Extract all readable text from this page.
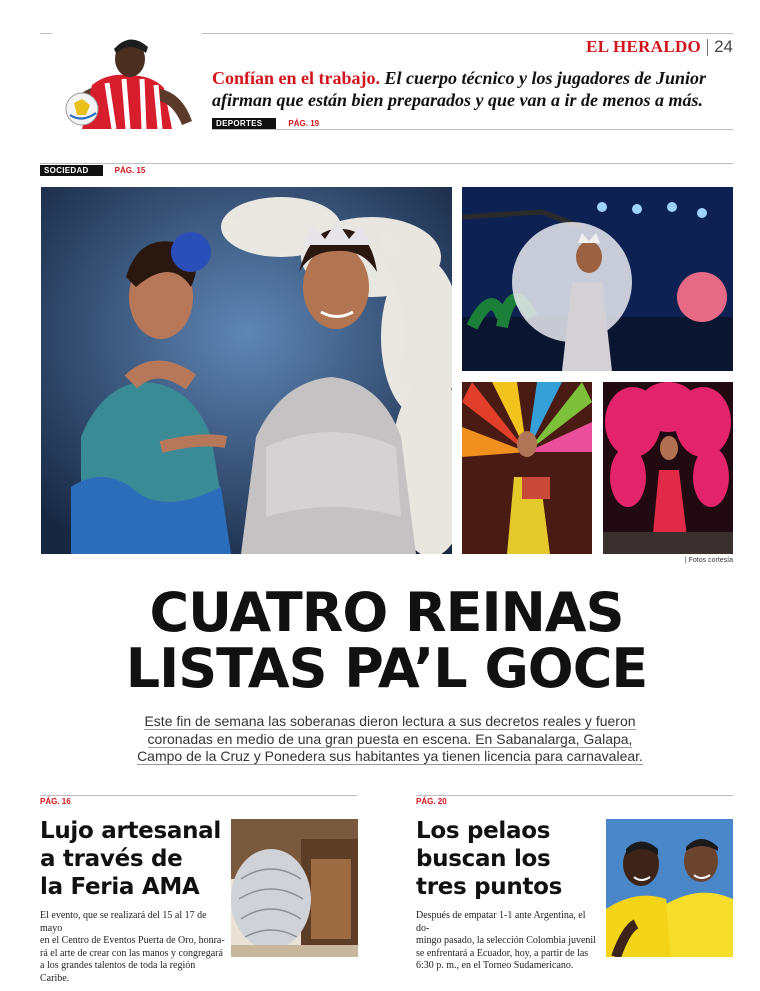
EL HERALDO 24
Confían en el trabajo. El cuerpo técnico y los jugadores de Junior afirman que están bien preparados y que van a ir de menos a más.
DEPORTES	PÁG. 19
SOCIEDAD	PÁG. 15
| Fotos cortesía
CUATRO REINAS
LISTAS PA’L GOCE
Este fin de semana las soberanas dieron lectura a sus decretos reales y fueron
coronadas en medio de una gran puesta en escena. En Sabanalarga, Galapa,
Campo de la Cruz y Ponedera sus habitantes ya tienen licencia para carnavalear.
PÁG. 16
Lujo artesanal
a través de
la Feria AMA
El evento, que se realizará del 15 al 17 de mayo
en el Centro de Eventos Puerta de Oro, honra-
rá el arte de crear con las manos y congregará
a los grandes talentos de toda la región Caribe.
PÁG. 20
Los pelaos
buscan los
tres puntos
Después de empatar 1-1 ante Argentina, el do-
mingo pasado, la selección Colombia juvenil
se enfrentará a Ecuador, hoy, a partir de las
6:30 p. m., en el Torneo Sudamericano.
